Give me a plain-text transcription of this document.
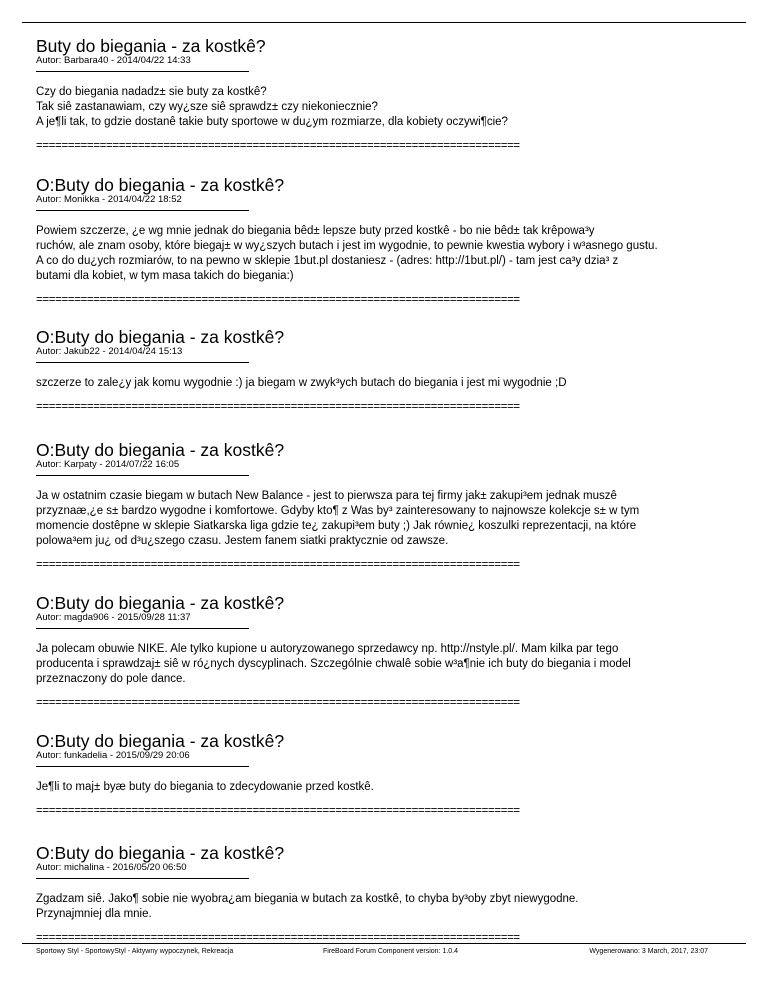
Buty do biegania - za kostkê?
Autor: Barbara40 - 2014/04/22 14:33
Czy do biegania nadadz± sie buty za kostkê?
Tak siê zastanawiam, czy wy¿sze siê sprawdz± czy niekoniecznie?
A je¶li tak, to gdzie dostanê takie buty sportowe w du¿ym rozmiarze, dla kobiety oczywi¶cie?
============================================================================
O:Buty do biegania - za kostkê?
Autor: Monikka - 2014/04/22 18:52
Powiem szczerze, ¿e wg mnie jednak do biegania bêd± lepsze buty przed kostkê - bo nie bêd± tak krêpowa³y
ruchów, ale znam osoby, które biegaj± w wy¿szych butach i jest im wygodnie, to pewnie kwestia wybory i w³asnego gustu.
A co do du¿ych rozmiarów, to na pewno w sklepie 1but.pl dostaniesz - (adres: http://1but.pl/) - tam jest ca³y dzia³ z
butami dla kobiet, w tym masa takich do biegania:)
============================================================================
O:Buty do biegania - za kostkê?
Autor: Jakub22 - 2014/04/24 15:13
szczerze to zale¿y jak komu wygodnie :) ja biegam w zwyk³ych butach do biegania i jest mi wygodnie ;D
============================================================================
O:Buty do biegania - za kostkê?
Autor: Karpaty - 2014/07/22 16:05
Ja w ostatnim czasie biegam w butach New Balance - jest to pierwsza para tej firmy jak± zakupi³em jednak muszê
przyznaæ,¿e s± bardzo wygodne i komfortowe. Gdyby kto¶ z Was by³ zainteresowany to najnowsze kolekcje s± w tym
momencie dostêpne w sklepie Siatkarska liga gdzie te¿ zakupi³em buty ;) Jak równie¿ koszulki reprezentacji, na które
polowa³em ju¿ od d³u¿szego czasu. Jestem fanem siatki praktycznie od zawsze.
============================================================================
O:Buty do biegania - za kostkê?
Autor: magda906 - 2015/09/28 11:37
Ja polecam obuwie NIKE. Ale tylko kupione u autoryzowanego sprzedawcy np. http://nstyle.pl/. Mam kilka par tego
producenta i sprawdzaj± siê w ró¿nych dyscyplinach. Szczególnie chwalê sobie w³a¶nie ich buty do biegania i model
przeznaczony do pole dance.
============================================================================
O:Buty do biegania - za kostkê?
Autor: funkadelia - 2015/09/29 20:06
Je¶li to maj± byæ buty do biegania to zdecydowanie przed kostkê.
============================================================================
O:Buty do biegania - za kostkê?
Autor: michalina - 2016/05/20 06:50
Zgadzam siê. Jako¶ sobie nie wyobra¿am biegania w butach za kostkê, to chyba by³oby zbyt niewygodne.
Przynajmniej dla mnie.
============================================================================
Sportowy Styl - SportowyStyl - Aktywny wypoczynek, Rekreacja	FireBoard Forum Component version: 1.0.4	Wygenerowano: 3 March, 2017, 23:07
